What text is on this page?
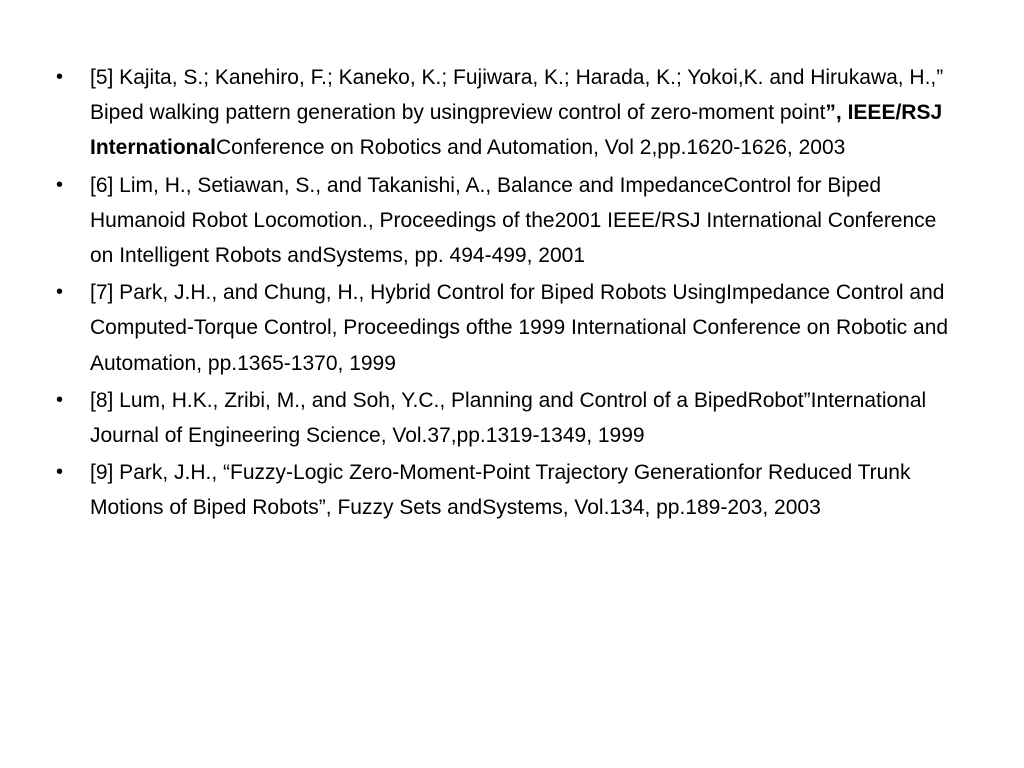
• [5] Kajita, S.; Kanehiro, F.; Kaneko, K.; Fujiwara, K.; Harada, K.; Yokoi,K. and Hirukawa, H.,” Biped walking pattern generation by usingpreview control of zero-moment point”, IEEE/RSJ InternationalConference on Robotics and Automation, Vol 2,pp.1620-1626, 2003
• [6] Lim, H., Setiawan, S., and Takanishi, A., Balance and ImpedanceControl for Biped Humanoid Robot Locomotion., Proceedings of the2001 IEEE/RSJ International Conference on Intelligent Robots andSystems, pp. 494-499, 2001
• [7] Park, J.H., and Chung, H., Hybrid Control for Biped Robots UsingImpedance Control and Computed-Torque Control, Proceedings ofthe 1999 International Conference on Robotic and Automation, pp.1365-1370, 1999
• [8] Lum, H.K., Zribi, M., and Soh, Y.C., Planning and Control of a BipedRobot”International Journal of Engineering Science, Vol.37,pp.1319-1349, 1999
• [9] Park, J.H., “Fuzzy-Logic Zero-Moment-Point Trajectory Generationfor Reduced Trunk Motions of Biped Robots”, Fuzzy Sets andSystems, Vol.134, pp.189-203, 2003
